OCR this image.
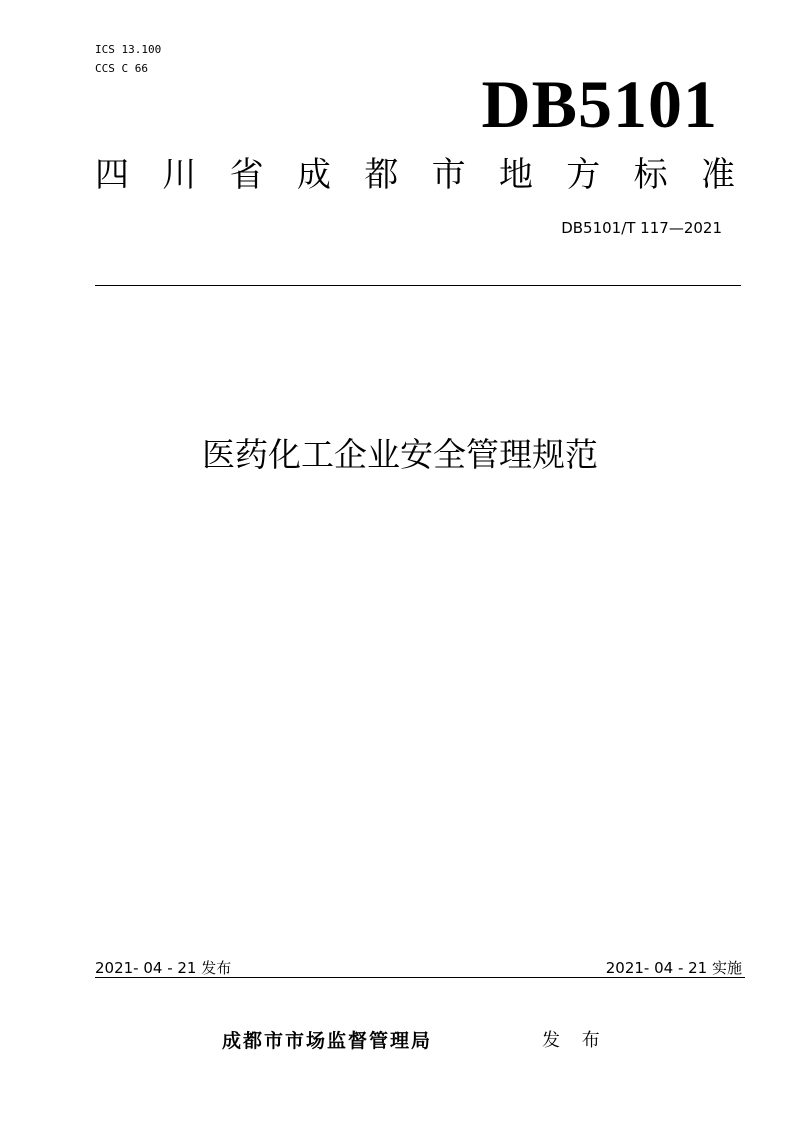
ICS 13.100
CCS C 66	DB5101
四 川 省 成 都 市 地 方 标 准
DB5101/T 117—2021
医药化工企业安全管理规范
2021- 04 - 21 发布	2021- 04 - 21 实施
成都市市场监督管理局	发 布
